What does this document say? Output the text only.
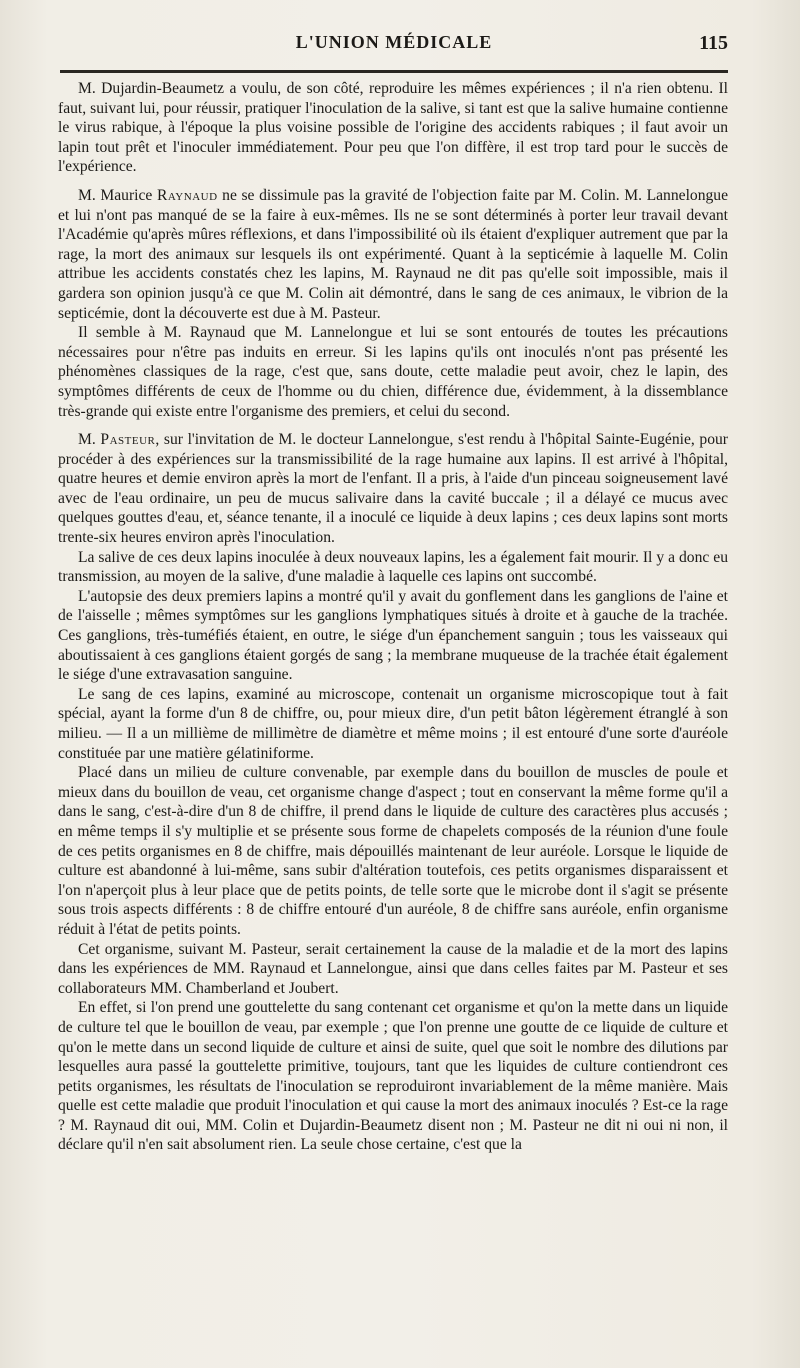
L'UNION MÉDICALE	115

M. Dujardin-Beaumetz a voulu, de son côté, reproduire les mêmes expériences ; il n'a rien obtenu. Il faut, suivant lui, pour réussir, pratiquer l'inoculation de la salive, si tant est que la salive humaine contienne le virus rabique, à l'époque la plus voisine possible de l'origine des accidents rabiques ; il faut avoir un lapin tout prêt et l'inoculer immédiatement. Pour peu que l'on diffère, il est trop tard pour le succès de l'expérience.

M. Maurice Raynaud ne se dissimule pas la gravité de l'objection faite par M. Colin. M. Lannelongue et lui n'ont pas manqué de se la faire à eux-mêmes. Ils ne se sont déterminés à porter leur travail devant l'Académie qu'après mûres réflexions, et dans l'impossibilité où ils étaient d'expliquer autrement que par la rage, la mort des animaux sur lesquels ils ont expérimenté. Quant à la septicémie à laquelle M. Colin attribue les accidents constatés chez les lapins, M. Raynaud ne dit pas qu'elle soit impossible, mais il gardera son opinion jusqu'à ce que M. Colin ait démontré, dans le sang de ces animaux, le vibrion de la septicémie, dont la découverte est due à M. Pasteur.

Il semble à M. Raynaud que M. Lannelongue et lui se sont entourés de toutes les précautions nécessaires pour n'être pas induits en erreur. Si les lapins qu'ils ont inoculés n'ont pas présenté les phénomènes classiques de la rage, c'est que, sans doute, cette maladie peut avoir, chez le lapin, des symptômes différents de ceux de l'homme ou du chien, différence due, évidemment, à la dissemblance très-grande qui existe entre l'organisme des premiers, et celui du second.

M. Pasteur, sur l'invitation de M. le docteur Lannelongue, s'est rendu à l'hôpital Sainte-Eugénie, pour procéder à des expériences sur la transmissibilité de la rage humaine aux lapins. Il est arrivé à l'hôpital, quatre heures et demie environ après la mort de l'enfant. Il a pris, à l'aide d'un pinceau soigneusement lavé avec de l'eau ordinaire, un peu de mucus salivaire dans la cavité buccale ; il a délayé ce mucus avec quelques gouttes d'eau, et, séance tenante, il a inoculé ce liquide à deux lapins ; ces deux lapins sont morts trente-six heures environ après l'inoculation.

La salive de ces deux lapins inoculée à deux nouveaux lapins, les a également fait mourir. Il y a donc eu transmission, au moyen de la salive, d'une maladie à laquelle ces lapins ont succombé.

L'autopsie des deux premiers lapins a montré qu'il y avait du gonflement dans les ganglions de l'aine et de l'aisselle ; mêmes symptômes sur les ganglions lymphatiques situés à droite et à gauche de la trachée. Ces ganglions, très-tuméfiés étaient, en outre, le siége d'un épanchement sanguin ; tous les vaisseaux qui aboutissaient à ces ganglions étaient gorgés de sang ; la membrane muqueuse de la trachée était également le siége d'une extravasation sanguine.

Le sang de ces lapins, examiné au microscope, contenait un organisme microscopique tout à fait spécial, ayant la forme d'un 8 de chiffre, ou, pour mieux dire, d'un petit bâton légèrement étranglé à son milieu. — Il a un millième de millimètre de diamètre et même moins ; il est entouré d'une sorte d'auréole constituée par une matière gélatiniforme.

Placé dans un milieu de culture convenable, par exemple dans du bouillon de muscles de poule et mieux dans du bouillon de veau, cet organisme change d'aspect ; tout en conservant la même forme qu'il a dans le sang, c'est-à-dire d'un 8 de chiffre, il prend dans le liquide de culture des caractères plus accusés ; en même temps il s'y multiplie et se présente sous forme de chapelets composés de la réunion d'une foule de ces petits organismes en 8 de chiffre, mais dépouillés maintenant de leur auréole. Lorsque le liquide de culture est abandonné à lui-même, sans subir d'altération toutefois, ces petits organismes disparaissent et l'on n'aperçoit plus à leur place que de petits points, de telle sorte que le microbe dont il s'agit se présente sous trois aspects différents : 8 de chiffre entouré d'un auréole, 8 de chiffre sans auréole, enfin organisme réduit à l'état de petits points.

Cet organisme, suivant M. Pasteur, serait certainement la cause de la maladie et de la mort des lapins dans les expériences de MM. Raynaud et Lannelongue, ainsi que dans celles faites par M. Pasteur et ses collaborateurs MM. Chamberland et Joubert.

En effet, si l'on prend une gouttelette du sang contenant cet organisme et qu'on la mette dans un liquide de culture tel que le bouillon de veau, par exemple ; que l'on prenne une goutte de ce liquide de culture et qu'on le mette dans un second liquide de culture et ainsi de suite, quel que soit le nombre des dilutions par lesquelles aura passé la gouttelette primitive, toujours, tant que les liquides de culture contiendront ces petits organismes, les résultats de l'inoculation se reproduiront invariablement de la même manière. Mais quelle est cette maladie que produit l'inoculation et qui cause la mort des animaux inoculés ? Est-ce la rage ? M. Raynaud dit oui, MM. Colin et Dujardin-Beaumetz disent non ; M. Pasteur ne dit ni oui ni non, il déclare qu'il n'en sait absolument rien. La seule chose certaine, c'est que la
